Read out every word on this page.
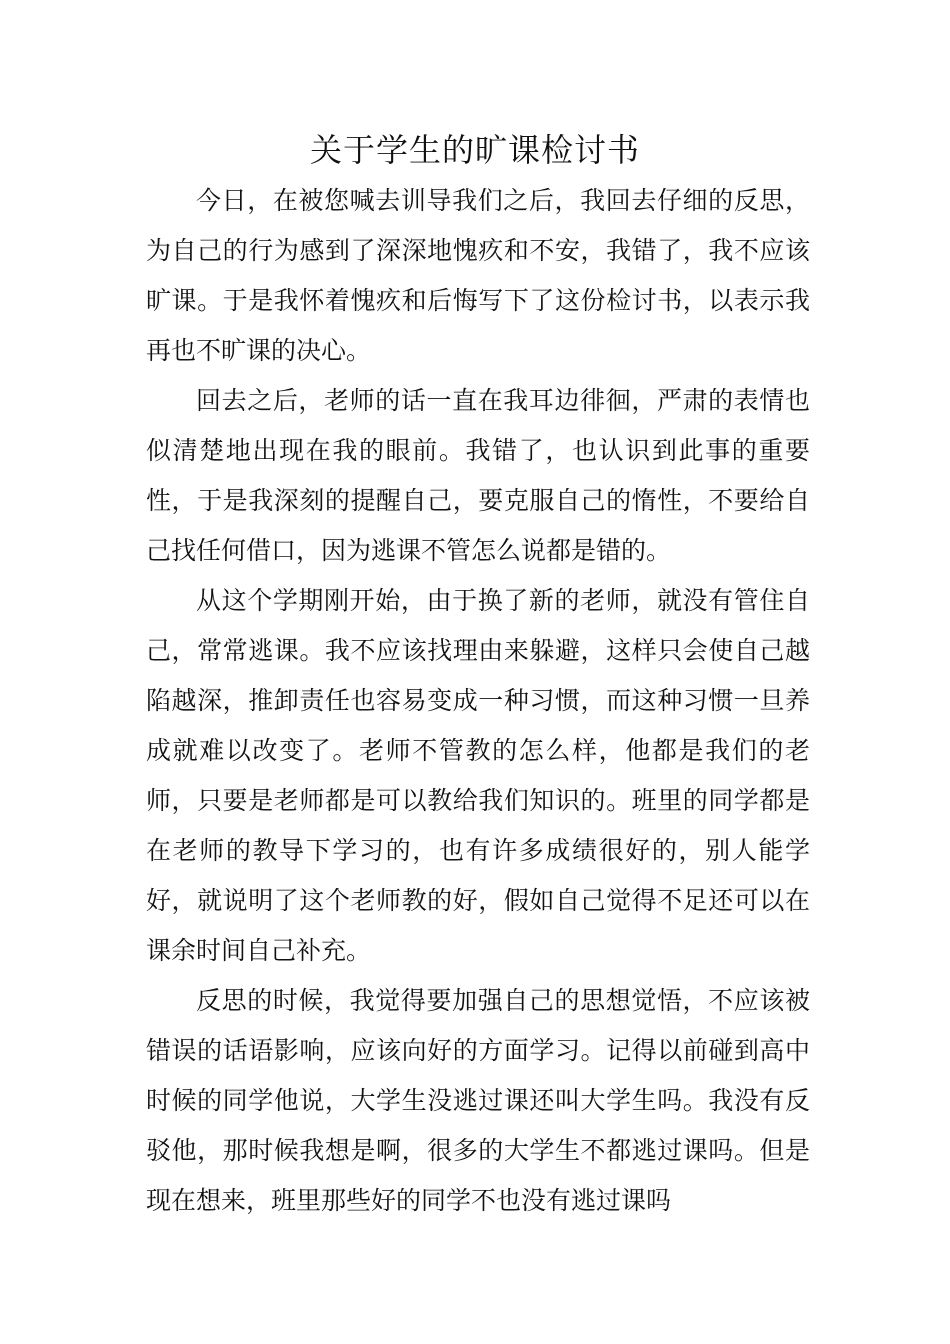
关于学生的旷课检讨书

今日，在被您喊去训导我们之后，我回去仔细的反思，为自己的行为感到了深深地愧疚和不安，我错了，我不应该旷课。于是我怀着愧疚和后悔写下了这份检讨书，以表示我再也不旷课的决心。

回去之后，老师的话一直在我耳边徘徊，严肃的表情也似清楚地出现在我的眼前。我错了，也认识到此事的重要性，于是我深刻的提醒自己，要克服自己的惰性，不要给自己找任何借口，因为逃课不管怎么说都是错的。

从这个学期刚开始，由于换了新的老师，就没有管住自己，常常逃课。我不应该找理由来躲避，这样只会使自己越陷越深，推卸责任也容易变成一种习惯，而这种习惯一旦养成就难以改变了。老师不管教的怎么样，他都是我们的老师，只要是老师都是可以教给我们知识的。班里的同学都是在老师的教导下学习的，也有许多成绩很好的，别人能学好，就说明了这个老师教的好，假如自己觉得不足还可以在课余时间自己补充。

反思的时候，我觉得要加强自己的思想觉悟，不应该被错误的话语影响，应该向好的方面学习。记得以前碰到高中时候的同学他说，大学生没逃过课还叫大学生吗。我没有反驳他，那时候我想是啊，很多的大学生不都逃过课吗。但是现在想来，班里那些好的同学不也没有逃过课吗
